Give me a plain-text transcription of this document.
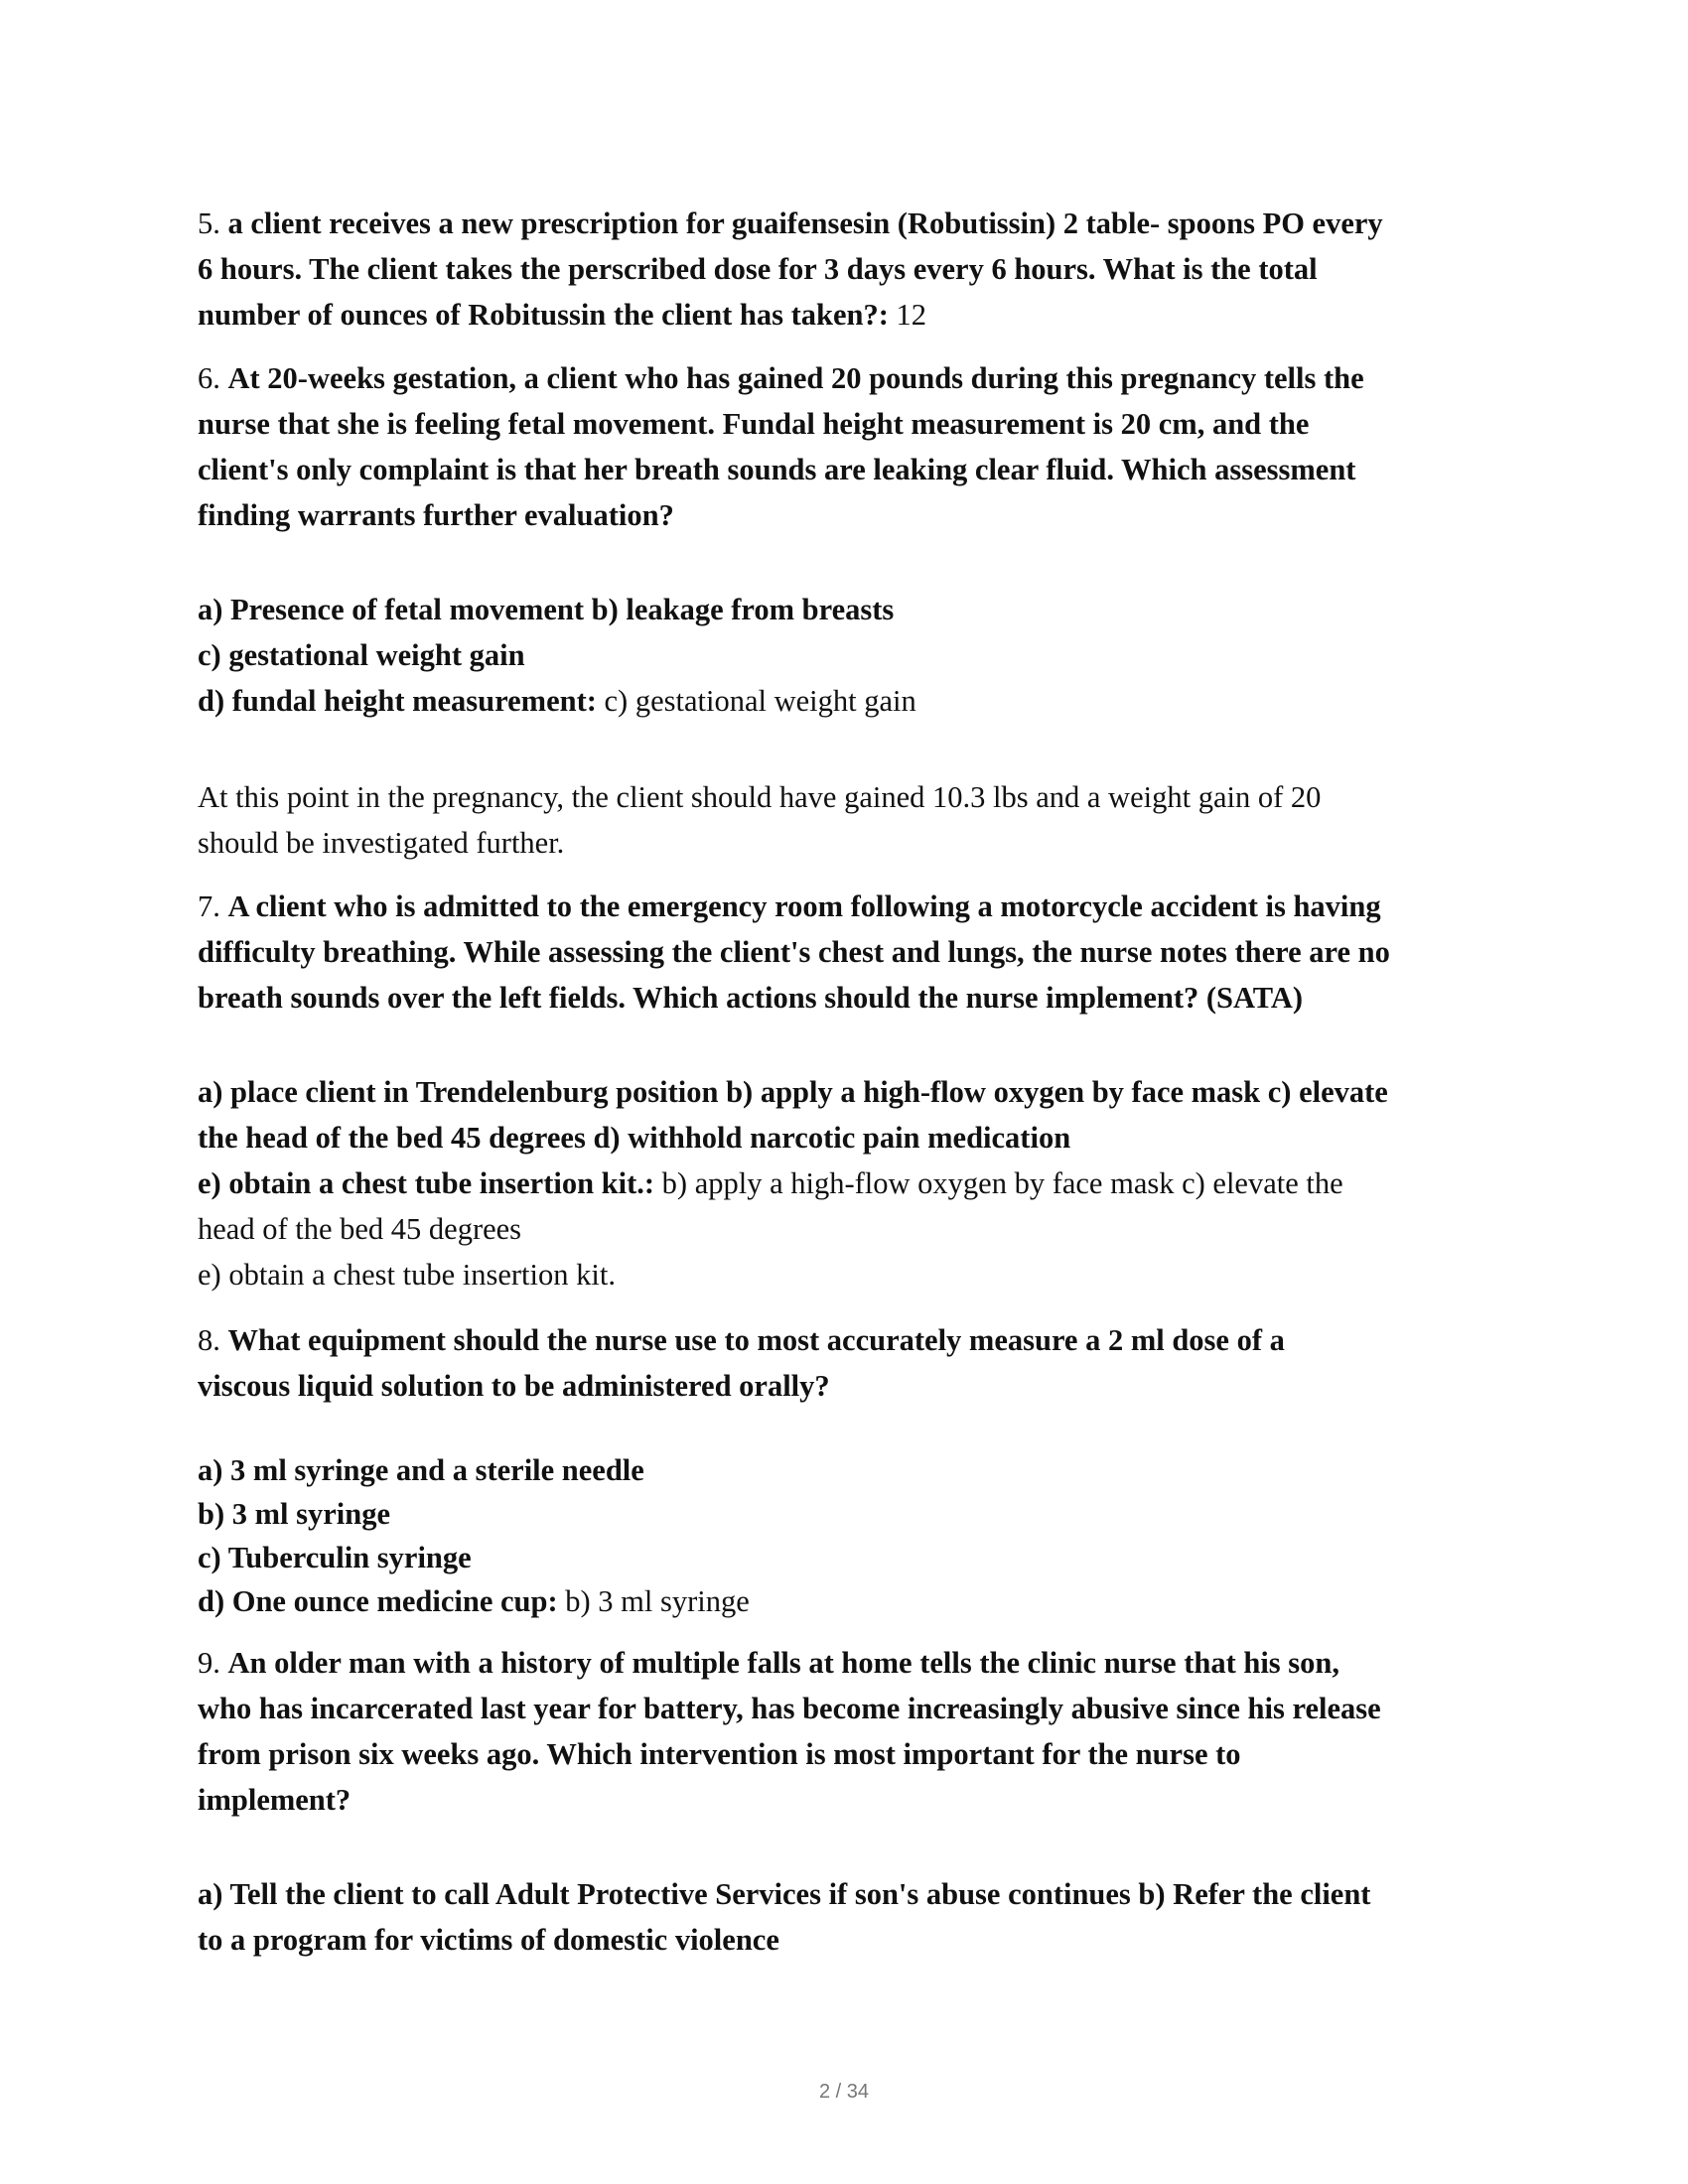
5. a client receives a new prescription for guaifensesin (Robutissin) 2 table- spoons PO every
6 hours. The client takes the perscribed dose for 3 days every 6 hours. What is the total
number of ounces of Robitussin the client has taken?: 12
6. At 20-weeks gestation, a client who has gained 20 pounds during this pregnancy tells the
nurse that she is feeling fetal movement. Fundal height measurement is 20 cm, and the
client's only complaint is that her breath sounds are leaking clear fluid. Which assessment
finding warrants further evaluation?
a) Presence of fetal movement b) leakage from breasts
c) gestational weight gain
d) fundal height measurement: c) gestational weight gain
At this point in the pregnancy, the client should have gained 10.3 lbs and a weight gain of 20
should be investigated further.
7. A client who is admitted to the emergency room following a motorcycle accident is having
difficulty breathing. While assessing the client's chest and lungs, the nurse notes there are no
breath sounds over the left fields. Which actions should the nurse implement? (SATA)
a) place client in Trendelenburg position b) apply a high-flow oxygen by face mask c) elevate
the head of the bed 45 degrees d) withhold narcotic pain medication
e) obtain a chest tube insertion kit.: b) apply a high-flow oxygen by face mask c) elevate the
head of the bed 45 degrees
e) obtain a chest tube insertion kit.
8. What equipment should the nurse use to most accurately measure a 2 ml dose of a
viscous liquid solution to be administered orally?
a) 3 ml syringe and a sterile needle
b) 3 ml syringe
c) Tuberculin syringe
d) One ounce medicine cup: b) 3 ml syringe
9. An older man with a history of multiple falls at home tells the clinic nurse that his son,
who has incarcerated last year for battery, has become increasingly abusive since his release
from prison six weeks ago. Which intervention is most important for the nurse to
implement?
a) Tell the client to call Adult Protective Services if son's abuse continues b) Refer the client
to a program for victims of domestic violence
2 / 34
